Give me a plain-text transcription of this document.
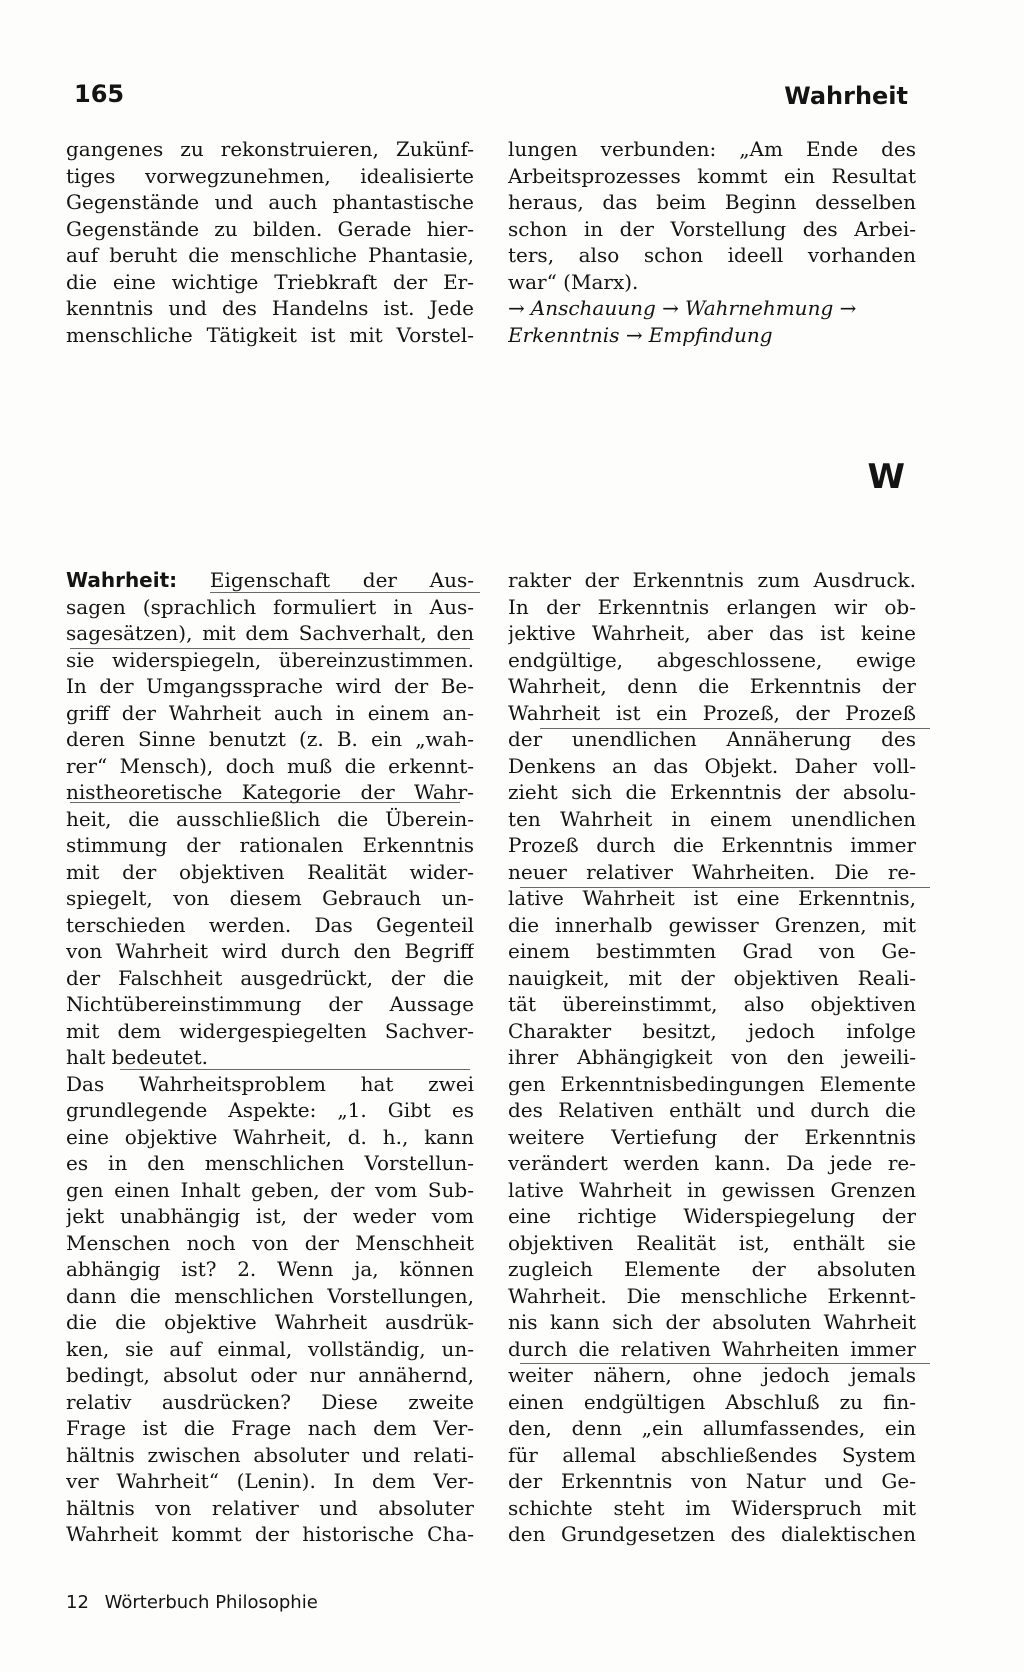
165	Wahrheit
gangenes zu rekonstruieren, Zukünf-
tiges vorwegzunehmen, idealisierte
Gegenstände und auch phantastische
Gegenstände zu bilden. Gerade hier-
auf beruht die menschliche Phantasie,
die eine wichtige Triebkraft der Er-
kenntnis und des Handelns ist. Jede
menschliche Tätigkeit ist mit Vorstel-
lungen verbunden: „Am Ende des
Arbeitsprozesses kommt ein Resultat
heraus, das beim Beginn desselben
schon in der Vorstellung des Arbei-
ters, also schon ideell vorhanden
war“ (Marx).
→ Anschauung → Wahrnehmung →
Erkenntnis → Empfindung
W
Wahrheit: Eigenschaft der Aus-
sagen (sprachlich formuliert in Aus-
sagesätzen), mit dem Sachverhalt, den
sie widerspiegeln, übereinzustimmen.
In der Umgangssprache wird der Be-
griff der Wahrheit auch in einem an-
deren Sinne benutzt (z. B. ein „wah-
rer“ Mensch), doch muß die erkennt-
nistheoretische Kategorie der Wahr-
heit, die ausschließlich die Überein-
stimmung der rationalen Erkenntnis
mit der objektiven Realität wider-
spiegelt, von diesem Gebrauch un-
terschieden werden. Das Gegenteil
von Wahrheit wird durch den Begriff
der Falschheit ausgedrückt, der die
Nichtübereinstimmung der Aussage
mit dem widergespiegelten Sachver-
halt bedeutet.
Das Wahrheitsproblem hat zwei
grundlegende Aspekte: „1. Gibt es
eine objektive Wahrheit, d. h., kann
es in den menschlichen Vorstellun-
gen einen Inhalt geben, der vom Sub-
jekt unabhängig ist, der weder vom
Menschen noch von der Menschheit
abhängig ist? 2. Wenn ja, können
dann die menschlichen Vorstellungen,
die die objektive Wahrheit ausdrük-
ken, sie auf einmal, vollständig, un-
bedingt, absolut oder nur annähernd,
relativ ausdrücken? Diese zweite
Frage ist die Frage nach dem Ver-
hältnis zwischen absoluter und relati-
ver Wahrheit“ (Lenin). In dem Ver-
hältnis von relativer und absoluter
Wahrheit kommt der historische Cha-
rakter der Erkenntnis zum Ausdruck.
In der Erkenntnis erlangen wir ob-
jektive Wahrheit, aber das ist keine
endgültige, abgeschlossene, ewige
Wahrheit, denn die Erkenntnis der
Wahrheit ist ein Prozeß, der Prozeß
der unendlichen Annäherung des
Denkens an das Objekt. Daher voll-
zieht sich die Erkenntnis der absolu-
ten Wahrheit in einem unendlichen
Prozeß durch die Erkenntnis immer
neuer relativer Wahrheiten. Die re-
lative Wahrheit ist eine Erkenntnis,
die innerhalb gewisser Grenzen, mit
einem bestimmten Grad von Ge-
nauigkeit, mit der objektiven Reali-
tät übereinstimmt, also objektiven
Charakter besitzt, jedoch infolge
ihrer Abhängigkeit von den jeweili-
gen Erkenntnisbedingungen Elemente
des Relativen enthält und durch die
weitere Vertiefung der Erkenntnis
verändert werden kann. Da jede re-
lative Wahrheit in gewissen Grenzen
eine richtige Widerspiegelung der
objektiven Realität ist, enthält sie
zugleich Elemente der absoluten
Wahrheit. Die menschliche Erkennt-
nis kann sich der absoluten Wahrheit
durch die relativen Wahrheiten immer
weiter nähern, ohne jedoch jemals
einen endgültigen Abschluß zu fin-
den, denn „ein allumfassendes, ein
für allemal abschließendes System
der Erkenntnis von Natur und Ge-
schichte steht im Widerspruch mit
den Grundgesetzen des dialektischen
12 Wörterbuch Philosophie
